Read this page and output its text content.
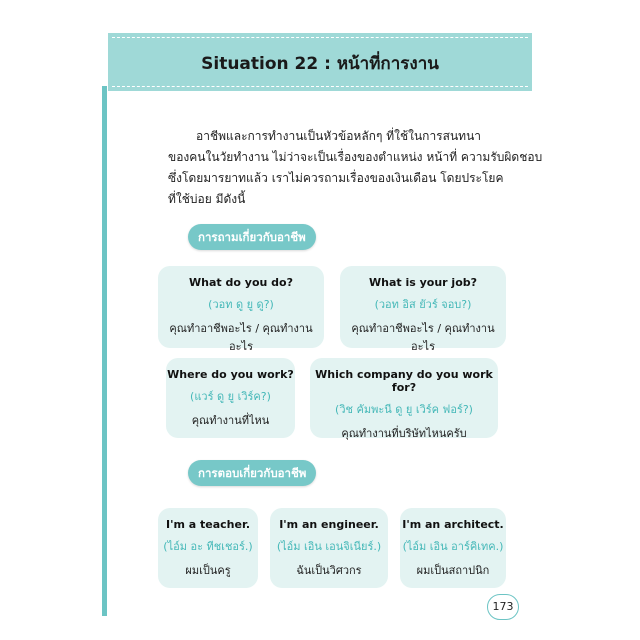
Situation 22 : หน้าที่การงาน
อาชีพและการทำงานเป็นหัวข้อหลักๆ ที่ใช้ในการสนทนา
ของคนในวัยทำงาน ไม่ว่าจะเป็นเรื่องของตำแหน่ง หน้าที่ ความรับผิดชอบ
ซึ่งโดยมารยาทแล้ว เราไม่ควรถามเรื่องของเงินเดือน โดยประโยค
ที่ใช้บ่อย มีดังนี้
การถามเกี่ยวกับอาชีพ
What do you do?
(วอท ดู ยู ดู?)
คุณทำอาชีพอะไร / คุณทำงานอะไร
What is your job?
(วอท อิส ยัวร์ จอบ?)
คุณทำอาชีพอะไร / คุณทำงานอะไร
Where do you work?
(แวร์ ดู ยู เวิร์ค?)
คุณทำงานที่ไหน
Which company do you work for?
(วิช คัมพะนี ดู ยู เวิร์ค ฟอร์?)
คุณทำงานที่บริษัทไหนครับ
การตอบเกี่ยวกับอาชีพ
I'm a teacher.
(ไอ์ม อะ ทีชเชอร์.)
ผมเป็นครู
I'm an engineer.
(ไอ์ม เอิน เอนจิเนียร์.)
ฉันเป็นวิศวกร
I'm an architect.
(ไอ์ม เอิน อาร์คิเทค.)
ผมเป็นสถาปนิก
173
